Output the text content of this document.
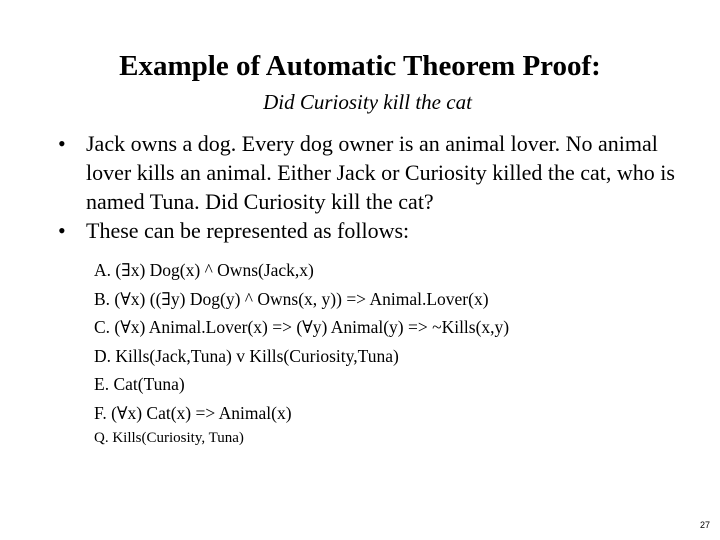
Example of Automatic Theorem Proof:
Did Curiosity kill the cat
• Jack owns a dog. Every dog owner is an animal lover. No animal lover kills an animal. Either Jack or Curiosity killed the cat, who is named Tuna. Did Curiosity kill the cat?
• These can be represented as follows:
A. (∃x) Dog(x) ^ Owns(Jack,x)
B. (∀x) ((∃y) Dog(y) ^ Owns(x, y)) => Animal.Lover(x)
C. (∀x) Animal.Lover(x) => (∀y) Animal(y) => ~Kills(x,y)
D. Kills(Jack,Tuna) v Kills(Curiosity,Tuna)
E. Cat(Tuna)
F. (∀x) Cat(x) => Animal(x)
Q. Kills(Curiosity, Tuna)
27
